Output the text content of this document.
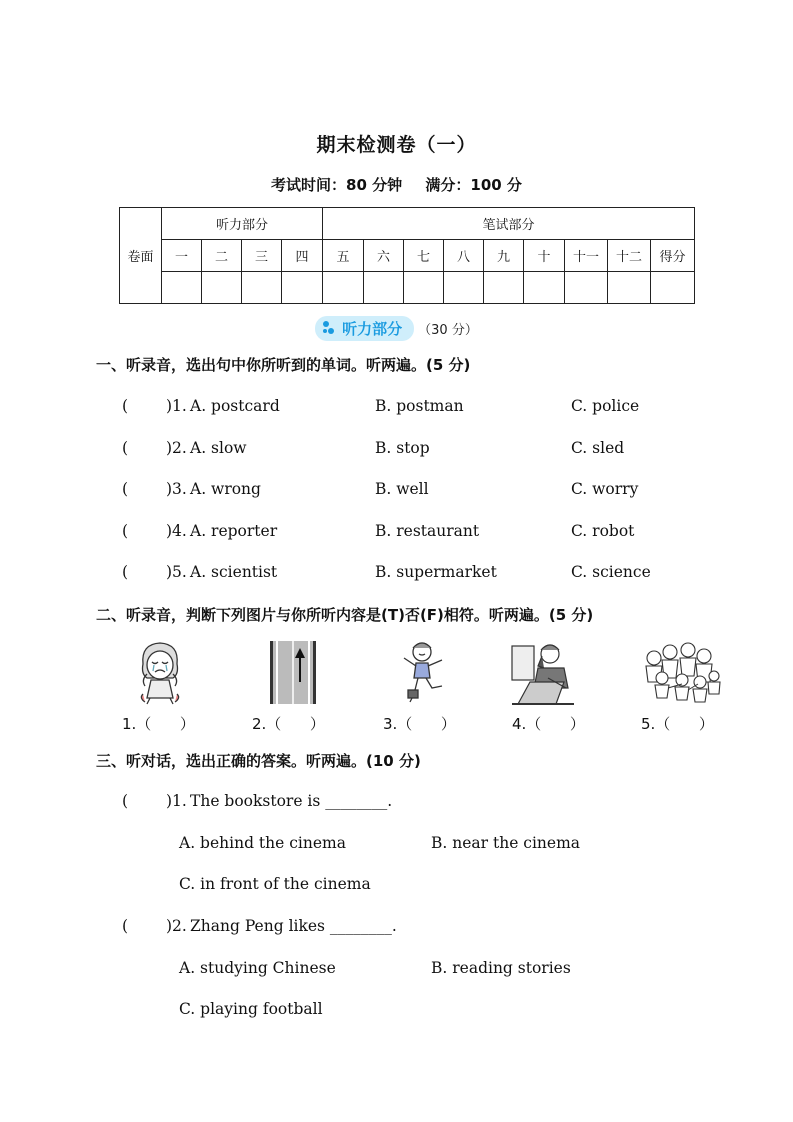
期末检测卷（一）
考试时间：80 分钟 满分：100 分
卷面	听力部分				笔试部分								
	一	二	三	四	五	六	七	八	九	十	十一	十二	得分

听力部分 （30 分）
一、听录音，选出句中你所听到的单词。听两遍。(5 分)
( )1. A. postcard	B. postman	C. police
( )2. A. slow	B. stop	C. sled
( )3. A. wrong	B. well	C. worry
( )4. A. reporter	B. restaurant	C. robot
( )5. A. scientist	B. supermarket	C. science
二、听录音，判断下列图片与你所听内容是(T)否(F)相符。听两遍。(5 分)
1.（      ）	2.（      ）	3.（      ）	4.（      ）	5.（      ）
三、听对话，选出正确的答案。听两遍。(10 分)
( )1. The bookstore is ________.
A. behind the cinema	B. near the cinema
C. in front of the cinema
( )2. Zhang Peng likes ________.
A. studying Chinese	B. reading stories
C. playing football
